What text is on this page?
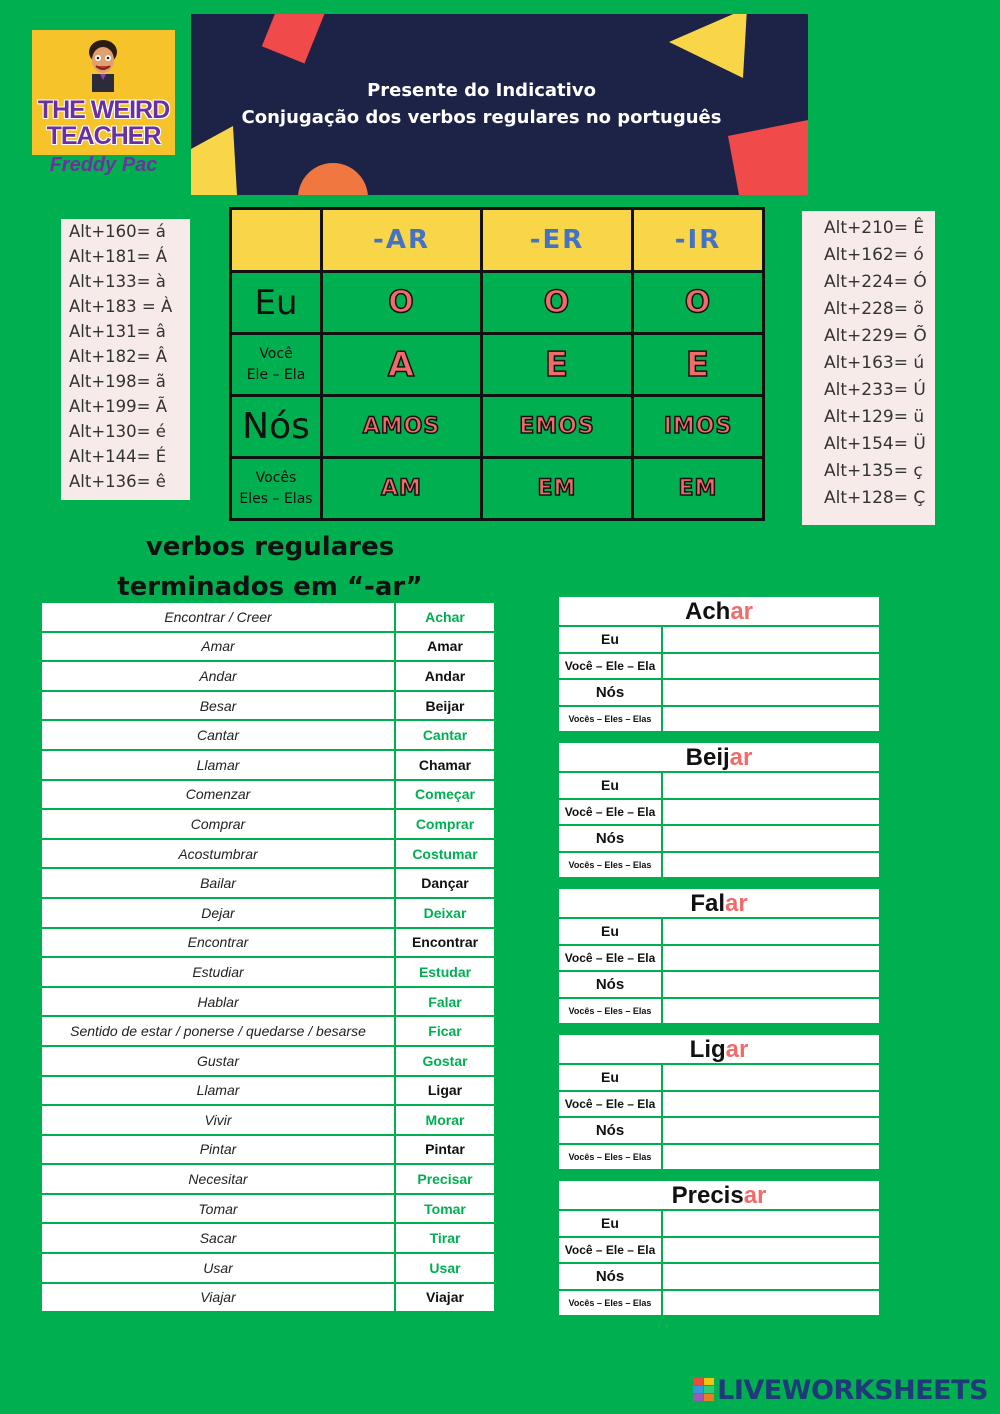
THE WEIRD
TEACHER
Freddy Pac
Presente do Indicativo
Conjugação dos verbos regulares no português
Alt+160= á
Alt+181= Á
Alt+133= à
Alt+183 = À
Alt+131= â
Alt+182= Â
Alt+198= ã
Alt+199= Ã
Alt+130= é
Alt+144= É
Alt+136= ê
Alt+210= Ê
Alt+162= ó
Alt+224= Ó
Alt+228= õ
Alt+229= Õ
Alt+163= ú
Alt+233= Ú
Alt+129= ü
Alt+154= Ü
Alt+135= ç
Alt+128= Ç
	-AR	-ER	-IR
Eu	O	O	O

Você
Ele – Ela	A	E	E
Nós	AMOS	EMOS	IMOS

Vocês
Eles – Elas	AM	EM	EM
verbos regulares
terminados em “-ar”
Encontrar / Creer	Achar
Amar	Amar
Andar	Andar
Besar	Beijar
Cantar	Cantar
Llamar	Chamar
Comenzar	Começar
Comprar	Comprar
Acostumbrar	Costumar
Bailar	Dançar
Dejar	Deixar
Encontrar	Encontrar
Estudiar	Estudar
Hablar	Falar
Sentido de estar / ponerse / quedarse / besarse	Ficar
Gustar	Gostar
Llamar	Ligar
Vivir	Morar
Pintar	Pintar
Necesitar	Precisar
Tomar	Tomar
Sacar	Tirar
Usar	Usar
Viajar	Viajar
Achar
Eu
Você – Ele – Ela
Nós
Vocês – Eles – Elas
Beijar
Eu
Você – Ele – Ela
Nós
Vocês – Eles – Elas
Falar
Eu
Você – Ele – Ela
Nós
Vocês – Eles – Elas
Ligar
Eu
Você – Ele – Ela
Nós
Vocês – Eles – Elas
Precisar
Eu
Você – Ele – Ela
Nós
Vocês – Eles – Elas
LIVEWORKSHEETS
